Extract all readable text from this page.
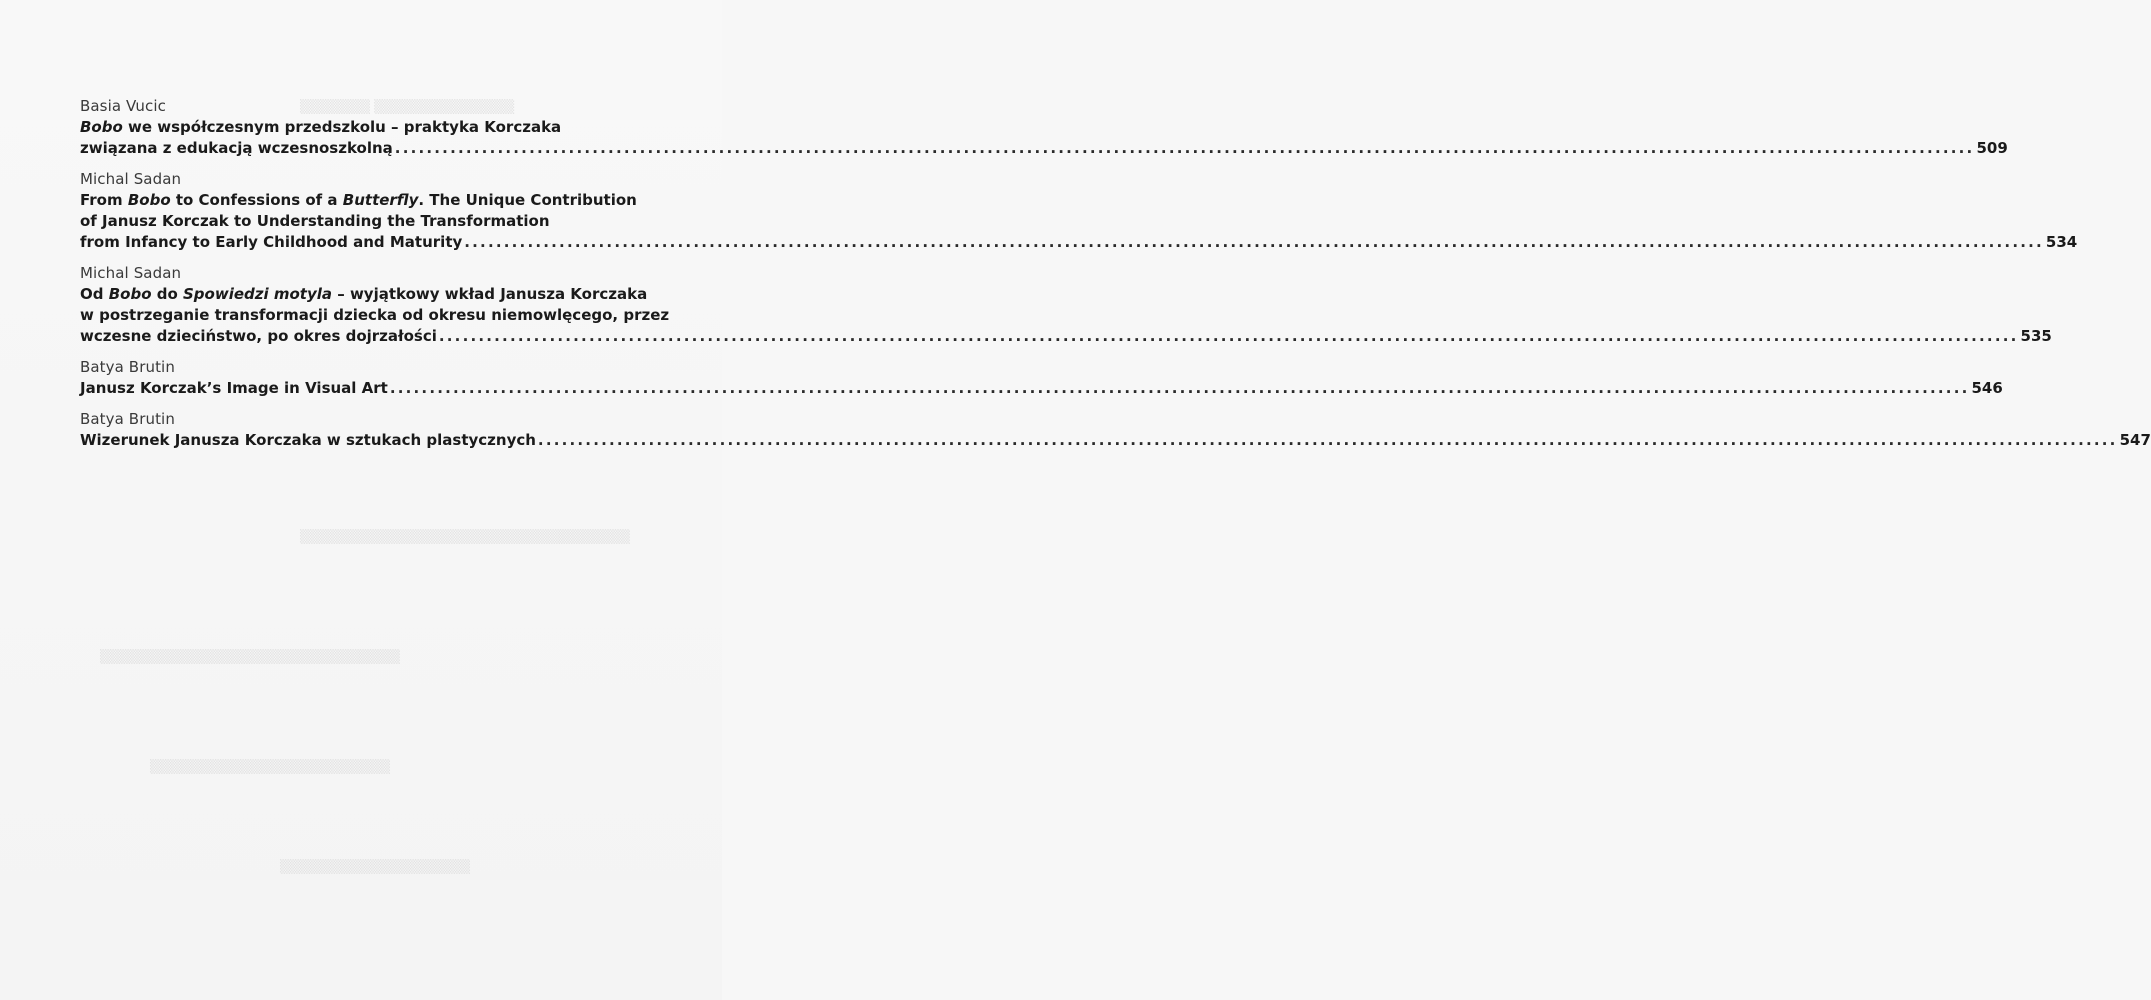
▒▒▒▒▒▒▒ ▒▒▒▒▒▒▒▒▒▒▒▒▒▒
▒▒▒▒▒▒▒▒▒▒▒▒▒▒▒▒▒▒▒▒▒▒▒▒▒▒▒▒▒▒▒▒▒
▒▒▒▒▒▒▒▒▒▒▒▒▒▒▒▒▒▒▒▒▒▒▒▒▒▒▒▒▒▒
▒▒▒▒▒▒▒▒▒▒▒▒▒▒▒▒▒▒▒▒▒▒▒▒
▒▒▒▒▒▒▒▒▒▒▒▒▒▒▒▒▒▒▒
Basia Vucic
Bobo we współczesnym przedszkolu – praktyka Korczaka
związana z edukacją wczesnoszkolną ........................................................................................................................................................................................................ 509
Michal Sadan
From Bobo to Confessions of a Butterfly. The Unique Contribution
of Janusz Korczak to Understanding the Transformation
from Infancy to Early Childhood and Maturity ........................................................................................................................................................................................................ 534
Michal Sadan
Od Bobo do Spowiedzi motyla – wyjątkowy wkład Janusza Korczaka
w postrzeganie transformacji dziecka od okresu niemowlęcego, przez
wczesne dzieciństwo, po okres dojrzałości ........................................................................................................................................................................................................ 535
Batya Brutin
Janusz Korczak’s Image in Visual Art ........................................................................................................................................................................................................ 546
Batya Brutin
Wizerunek Janusza Korczaka w sztukach plastycznych ........................................................................................................................................................................................................ 547
